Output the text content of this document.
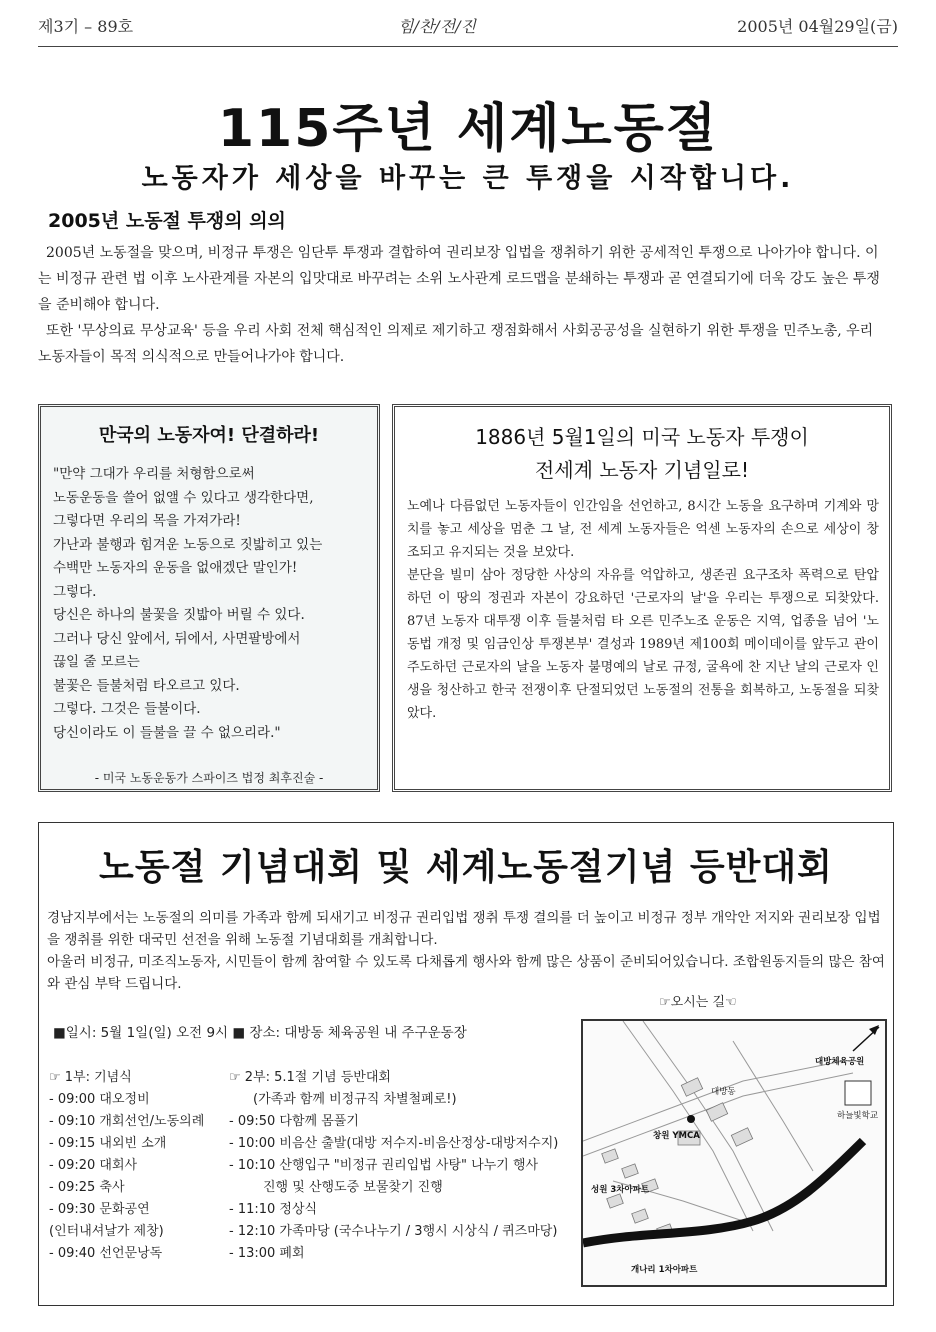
제3기 – 89호	힘/찬/전/진	2005년 04월29일(금)
115주년 세계노동절
노동자가 세상을 바꾸는 큰 투쟁을 시작합니다.
2005년 노동절 투쟁의 의의

2005년 노동절을 맞으며, 비정규 투쟁은 임단투 투쟁과 결합하여 권리보장 입법을 쟁취하기 위한 공세적인 투쟁으로 나아가야 합니다. 이는 비정규 관련 법 이후 노사관계를 자본의 입맛대로 바꾸려는 소위 노사관계 로드맵을 분쇄하는 투쟁과 곧 연결되기에 더욱 강도 높은 투쟁을 준비해야 합니다.

또한 '무상의료 무상교육' 등을 우리 사회 전체 핵심적인 의제로 제기하고 쟁점화해서 사회공공성을 실현하기 위한 투쟁을 민주노총, 우리 노동자들이 목적 의식적으로 만들어나가야 합니다.

만국의 노동자여! 단결하라!
"만약 그대가 우리를 처형함으로써
노동운동을 쓸어 없앨 수 있다고 생각한다면,
그렇다면 우리의 목을 가져가라!
가난과 불행과 힘겨운 노동으로 짓밟히고 있는
수백만 노동자의 운동을 없애겠단 말인가!
그렇다.
당신은 하나의 불꽃을 짓밟아 버릴 수 있다.
그러나 당신 앞에서, 뒤에서, 사면팔방에서
끊일 줄 모르는
불꽃은 들불처럼 타오르고 있다.
그렇다. 그것은 들불이다.
당신이라도 이 들불을 끌 수 없으리라."
- 미국 노동운동가 스파이즈 법정 최후진술 -
1886년 5월1일의 미국 노동자 투쟁이
전세계 노동자 기념일로!

노예나 다름없던 노동자들이 인간임을 선언하고, 8시간 노동을 요구하며 기계와 망치를 놓고 세상을 멈춘 그 날, 전 세계 노동자들은 억센 노동자의 손으로 세상이 창조되고 유지되는 것을 보았다.

분단을 빌미 삼아 정당한 사상의 자유를 억압하고, 생존권 요구조차 폭력으로 탄압하던 이 땅의 정권과 자본이 강요하던 '근로자의 날'을 우리는 투쟁으로 되찾았다. 87년 노동자 대투쟁 이후 들불처럼 타 오른 민주노조 운동은 지역, 업종을 넘어 '노동법 개정 및 임금인상 투쟁본부' 결성과 1989년 제100회 메이데이를 앞두고 관이 주도하던 근로자의 날을 노동자 불명예의 날로 규정, 굴욕에 찬 지난 날의 근로자 인생을 청산하고 한국 전쟁이후 단절되었던 노동절의 전통을 회복하고, 노동절을 되찾았다.

노동절 기념대회 및 세계노동절기념 등반대회

경남지부에서는 노동절의 의미를 가족과 함께 되새기고 비정규 권리입법 쟁취 투쟁 결의를 더 높이고 비정규 정부 개악안 저지와 권리보장 입법을 쟁취를 위한 대국민 선전을 위해 노동절 기념대회를 개최합니다.

아울러 비정규, 미조직노동자, 시민들이 함께 참여할 수 있도록 다채롭게 행사와 함께 많은 상품이 준비되어있습니다. 조합원동지들의 많은 참여와 관심 부탁 드립니다.

☞오시는 길☜
■일시: 5월 1일(일) 오전 9시 ■ 장소: 대방동 체육공원 내 주구운동장
☞ 1부: 기념식
- 09:00 대오정비
- 09:10 개회선언/노동의례
- 09:15 내외빈 소개
- 09:20 대회사
- 09:25 축사
- 09:30 문화공연
(인터내셔날가 제창)
- 09:40 선언문낭독
☞ 2부: 5.1절 기념 등반대회
(가족과 함께 비정규직 차별철폐로!)
- 09:50 다함께 몸풀기
- 10:00 비음산 출발(대방 저수지-비음산정상-대방저수지)
- 10:10 산행입구 "비정규 권리입법 사탕" 나누기 행사
진행 및 산행도중 보물찾기 진행
- 11:10 정상식
- 12:10 가족마당 (국수나누기 / 3행시 시상식 / 퀴즈마당)
- 13:00 폐회
대방체육공원
하늘빛학교
대방동
창원 YMCA
성원 3차아파트
개나리 1차아파트
